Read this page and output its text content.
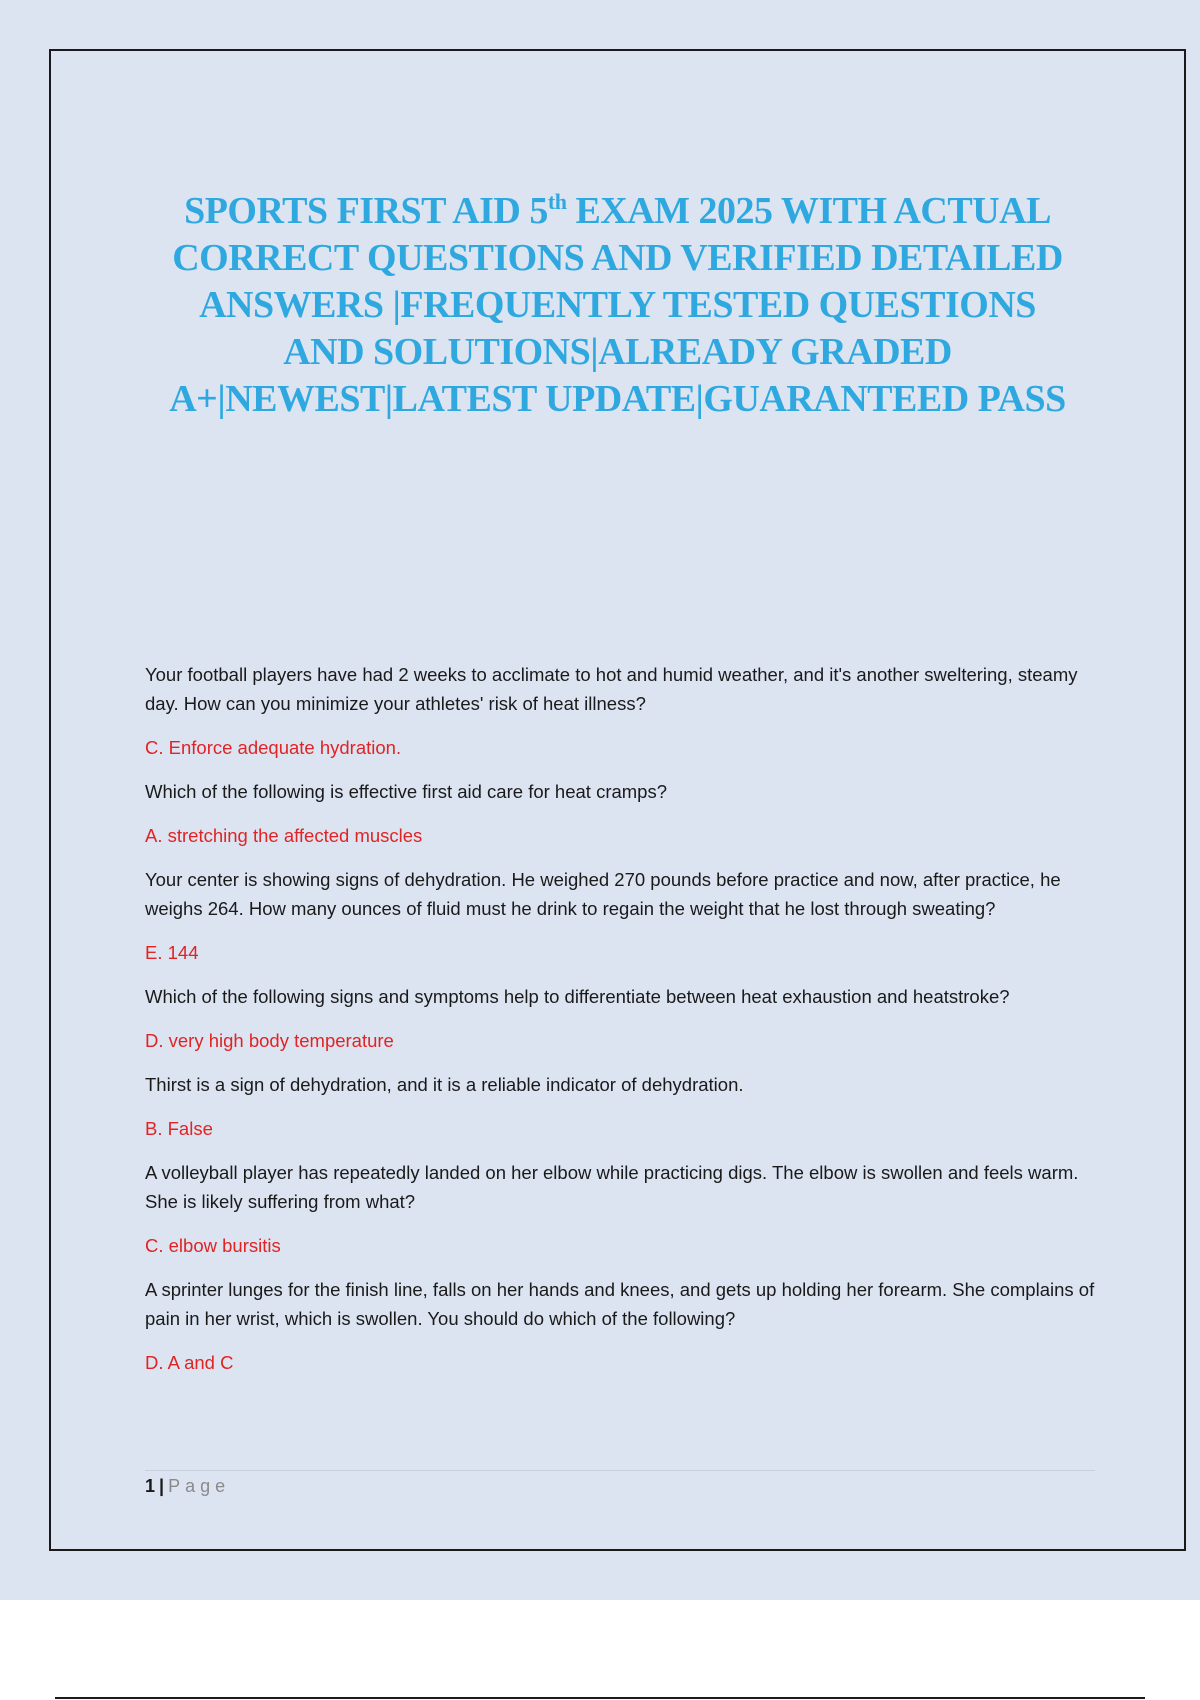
SPORTS FIRST AID 5th EXAM 2025 WITH ACTUAL
CORRECT QUESTIONS AND VERIFIED DETAILED
ANSWERS |FREQUENTLY TESTED QUESTIONS
AND SOLUTIONS|ALREADY GRADED
A+|NEWEST|LATEST UPDATE|GUARANTEED PASS

Your football players have had 2 weeks to acclimate to hot and humid weather, and it's another sweltering, steamy day. How can you minimize your athletes' risk of heat illness?

C. Enforce adequate hydration.

Which of the following is effective first aid care for heat cramps?

A. stretching the affected muscles

Your center is showing signs of dehydration. He weighed 270 pounds before practice and now, after practice, he weighs 264. How many ounces of fluid must he drink to regain the weight that he lost through sweating?

E. 144

Which of the following signs and symptoms help to differentiate between heat exhaustion and heatstroke?

D. very high body temperature

Thirst is a sign of dehydration, and it is a reliable indicator of dehydration.

B. False

A volleyball player has repeatedly landed on her elbow while practicing digs. The elbow is swollen and feels warm. She is likely suffering from what?

C. elbow bursitis

A sprinter lunges for the finish line, falls on her hands and knees, and gets up holding her forearm. She complains of pain in her wrist, which is swollen. You should do which of the following?

D. A and C

1 | Page
